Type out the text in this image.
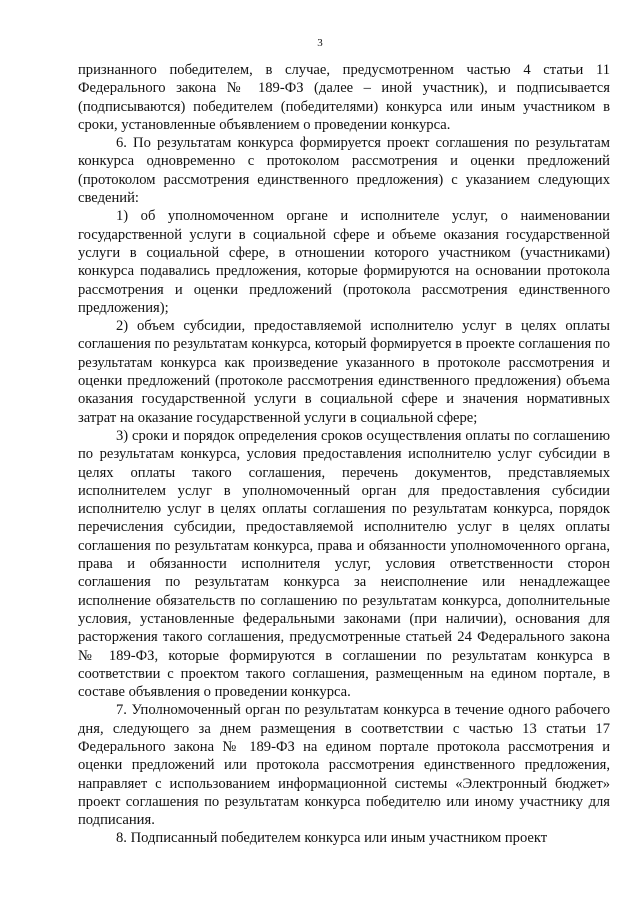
3

признанного победителем, в случае, предусмотренном частью 4 статьи 11 Федерального закона № 189-ФЗ (далее – иной участник), и подписывается (подписываются) победителем (победителями) конкурса или иным участником в сроки, установленные объявлением о проведении конкурса.

6. По результатам конкурса формируется проект соглашения по результатам конкурса одновременно с протоколом рассмотрения и оценки предложений (протоколом рассмотрения единственного предложения) с указанием следующих сведений:

1) об уполномоченном органе и исполнителе услуг, о наименовании государственной услуги в социальной сфере и объеме оказания государственной услуги в социальной сфере, в отношении которого участником (участниками) конкурса подавались предложения, которые формируются на основании протокола рассмотрения и оценки предложений (протокола рассмотрения единственного предложения);

2) объем субсидии, предоставляемой исполнителю услуг в целях оплаты соглашения по результатам конкурса, который формируется в проекте соглашения по результатам конкурса как произведение указанного в протоколе рассмотрения и оценки предложений (протоколе рассмотрения единственного предложения) объема оказания государственной услуги в социальной сфере и значения нормативных затрат на оказание государственной услуги в социальной сфере;

3) сроки и порядок определения сроков осуществления оплаты по соглашению по результатам конкурса, условия предоставления исполнителю услуг субсидии в целях оплаты такого соглашения, перечень документов, представляемых исполнителем услуг в уполномоченный орган для предоставления субсидии исполнителю услуг в целях оплаты соглашения по результатам конкурса, порядок перечисления субсидии, предоставляемой исполнителю услуг в целях оплаты соглашения по результатам конкурса, права и обязанности уполномоченного органа, права и обязанности исполнителя услуг, условия ответственности сторон соглашения по результатам конкурса за неисполнение или ненадлежащее исполнение обязательств по соглашению по результатам конкурса, дополнительные условия, установленные федеральными законами (при наличии), основания для расторжения такого соглашения, предусмотренные статьей 24 Федерального закона № 189-ФЗ, которые формируются в соглашении по результатам конкурса в соответствии с проектом такого соглашения, размещенным на едином портале, в составе объявления о проведении конкурса.

7. Уполномоченный орган по результатам конкурса в течение одного рабочего дня, следующего за днем размещения в соответствии с частью 13 статьи 17 Федерального закона № 189-ФЗ на едином портале протокола рассмотрения и оценки предложений или протокола рассмотрения единственного предложения, направляет с использованием информационной системы «Электронный бюджет» проект соглашения по результатам конкурса победителю или иному участнику для подписания.

8. Подписанный победителем конкурса или иным участником проект
